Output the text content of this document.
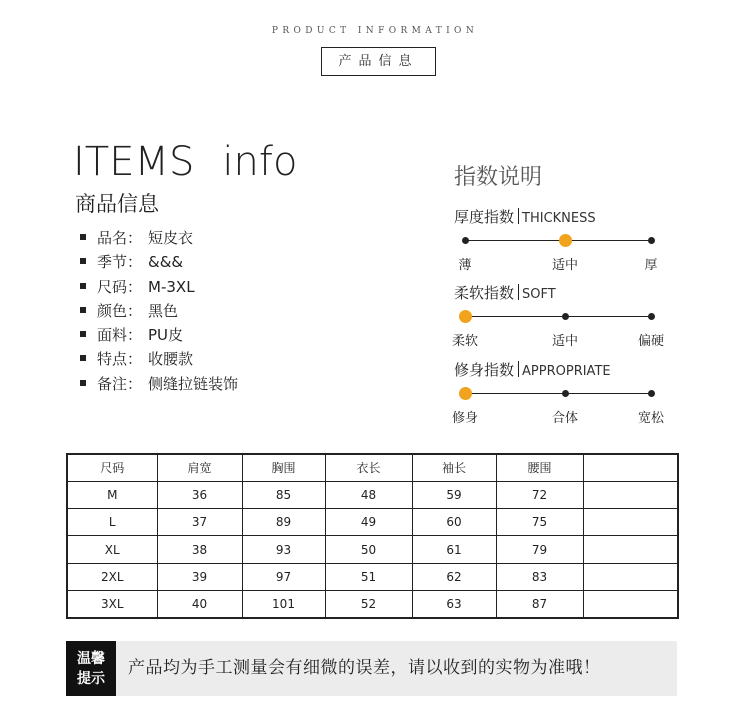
PRODUCT INFORMATION
产品信息
ITEMS info
商品信息
品名： 短皮衣
季节： &&&
尺码： M-3XL
颜色： 黑色
面料： PU皮
特点： 收腰款
备注： 侧缝拉链装饰
指数说明
厚度指数 THICKNESS
薄	适中	厚
柔软指数 SOFT
柔软	适中	偏硬
修身指数 APPROPRIATE
修身	合体	宽松
尺码	肩宽	胸围	衣长	袖长	腰围	
M	36	85	48	59	72	
L	37	89	49	60	75	
XL	38	93	50	61	79	
2XL	39	97	51	62	83	
3XL	40	101	52	63	87	
温馨
提示
产品均为手工测量会有细微的误差，请以收到的实物为准哦！
